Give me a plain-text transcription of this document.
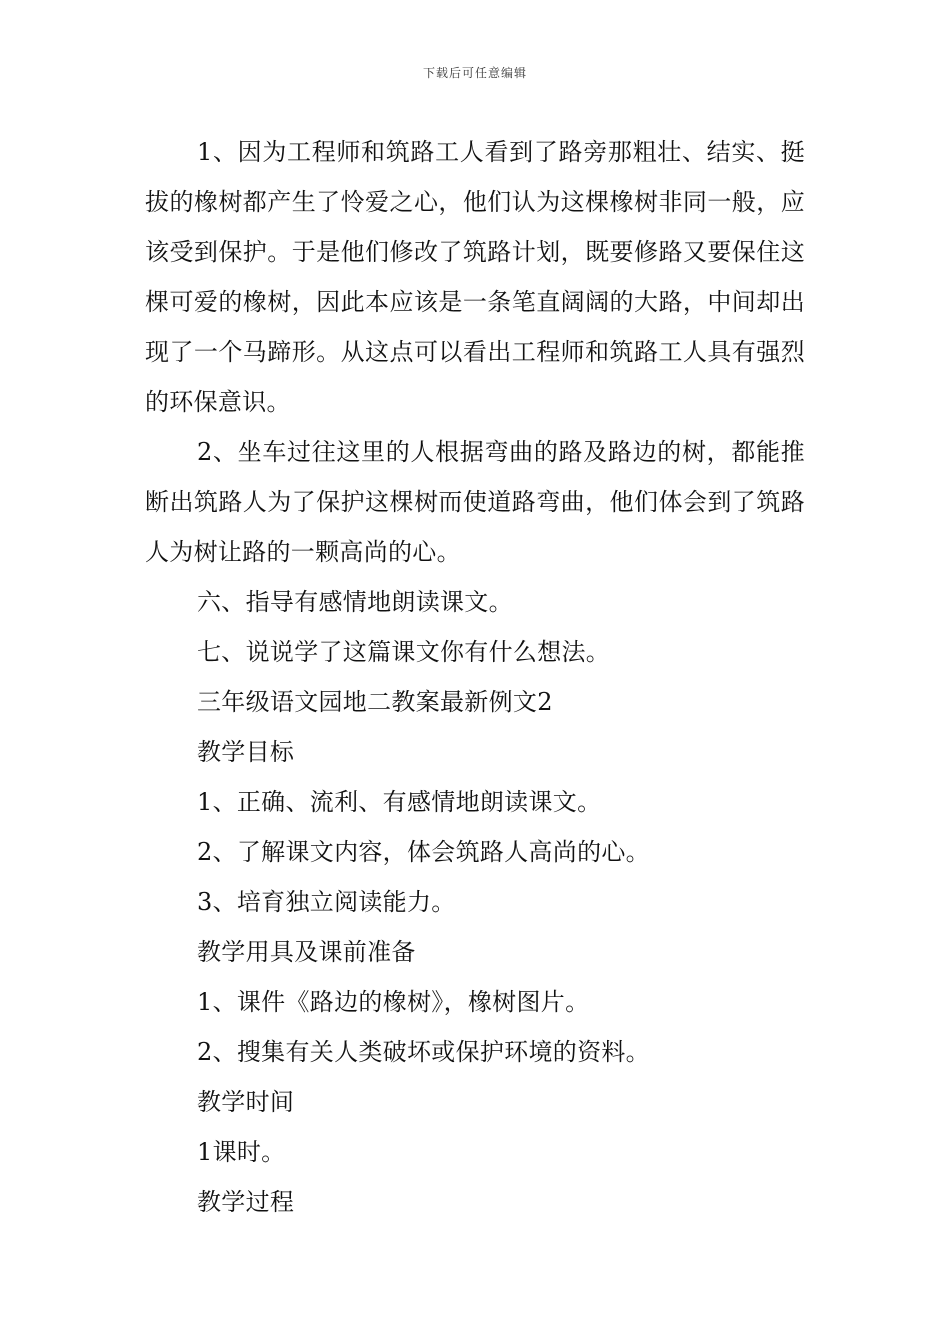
下载后可任意编辑

1、因为工程师和筑路工人看到了路旁那粗壮、结实、挺拔的橡树都产生了怜爱之心，他们认为这棵橡树非同一般，应该受到保护。于是他们修改了筑路计划，既要修路又要保住这棵可爱的橡树，因此本应该是一条笔直阔阔的大路，中间却出现了一个马蹄形。从这点可以看出工程师和筑路工人具有强烈的环保意识。

2、坐车过往这里的人根据弯曲的路及路边的树，都能推断出筑路人为了保护这棵树而使道路弯曲，他们体会到了筑路人为树让路的一颗高尚的心。

六、指导有感情地朗读课文。

七、说说学了这篇课文你有什么想法。

三年级语文园地二教案最新例文2

教学目标

1、正确、流利、有感情地朗读课文。

2、了解课文内容，体会筑路人高尚的心。

3、培育独立阅读能力。

教学用具及课前准备

1、课件《路边的橡树》，橡树图片。

2、搜集有关人类破坏或保护环境的资料。

教学时间

1课时。

教学过程
